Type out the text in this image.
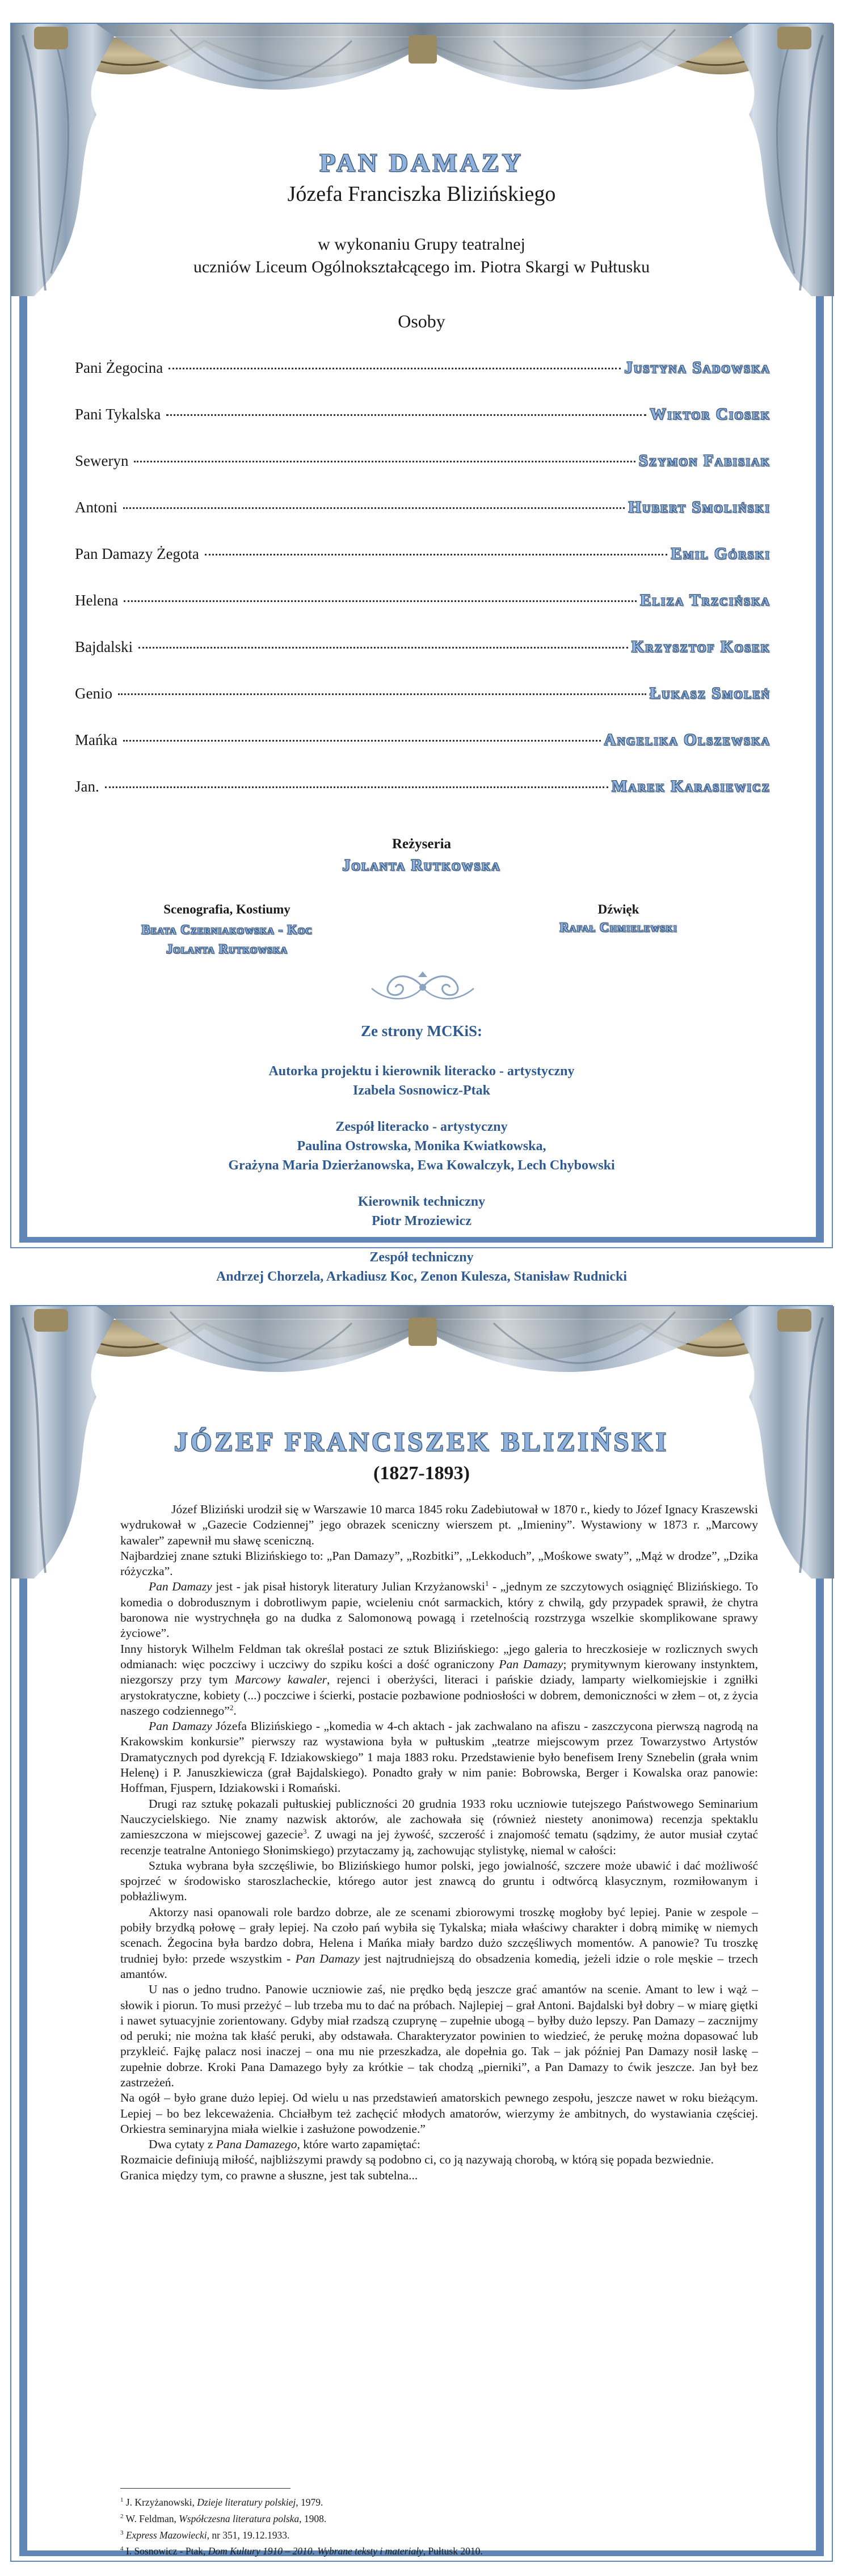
PAN DAMAZY
Józefa Franciszka Blizińskiego
w wykonaniu Grupy teatralnej
uczniów Liceum Ogólnokształcącego im. Piotra Skargi w Pułtusku
Osoby
Pani Żegocina	Justyna Sadowska
Pani Tykalska	Wiktor Ciosek
Seweryn	Szymon Fabisiak
Antoni	Hubert Smoliński
Pan Damazy Żegota	Emil Górski
Helena	Eliza Trzcińska
Bajdalski	Krzysztof Kosek
Genio	Łukasz Smoleń
Mańka	Angelika Olszewska
Jan.	Marek Karasiewicz
Reżyseria
Jolanta Rutkowska
Scenografia, Kostiumy
Beata Czerniakowska - Koc
Jolanta Rutkowska
Dźwięk
Rafał Chmielewski
Ze strony MCKiS:
Autorka projektu i kierownik literacko - artystyczny
Izabela Sosnowicz-Ptak
Zespół literacko - artystyczny
Paulina Ostrowska, Monika Kwiatkowska,
Grażyna Maria Dzierżanowska, Ewa Kowalczyk, Lech Chybowski
Kierownik techniczny
Piotr Mroziewicz
Zespół techniczny
Andrzej Chorzela, Arkadiusz Koc, Zenon Kulesza, Stanisław Rudnicki
JÓZEF FRANCISZEK BLIZIŃSKI
(1827-1893)

Józef Bliziński urodził się w Warszawie 10 marca 1845 roku Zadebiutował w 1870 r., kiedy to Józef Ignacy Kraszewski wydrukował w „Gazecie Codziennej” jego obrazek sceniczny wierszem pt. „Imieniny”. Wystawiony w 1873 r. „Marcowy kawaler” zapewnił mu sławę sceniczną.

Najbardziej znane sztuki Blizińskiego to: „Pan Damazy”, „Rozbitki”, „Lekkoduch”, „Mośkowe swaty”, „Mąż w drodze”, „Dzika różyczka”.

Pan Damazy jest - jak pisał historyk literatury Julian Krzyżanowski$^1$ - „jednym ze szczytowych osiągnięć Blizińskiego. To komedia o dobrodusznym i dobrotliwym papie, wcieleniu cnót sarmackich, który z chwilą, gdy przypadek sprawił, że chytra baronowa nie wystrychnęła go na dudka z Salomonową powagą i rzetelnością rozstrzyga wszelkie skomplikowane sprawy życiowe”.

Inny historyk Wilhelm Feldman tak określał postaci ze sztuk Blizińskiego: „jego galeria to hreczkosieje w rozlicznych swych odmianach: więc poczciwy i uczciwy do szpiku kości a dość ograniczony Pan Damazy; prymitywnym kierowany instynktem, niezgorszy przy tym Marcowy kawaler, rejenci i oberżyści, literaci i pańskie dziady, lamparty wielkomiejskie i zgniłki arystokratyczne, kobiety (...) poczciwe i ścierki, postacie pozbawione podniosłości w dobrem, demoniczności w złem – ot, z życia naszego codziennego”$^2$.

Pan Damazy Józefa Blizińskiego - „komedia w 4-ch aktach - jak zachwalano na afiszu - zaszczycona pierwszą nagrodą na Krakowskim konkursie” pierwszy raz wystawiona była w pułtuskim „teatrze miejscowym przez Towarzystwo Artystów Dramatycznych pod dyrekcją F. Idziakowskiego” 1 maja 1883 roku. Przedstawienie było benefisem Ireny Sznebelin (grała wnim Helenę) i P. Januszkiewicza (grał Bajdalskiego). Ponadto grały w nim panie: Bobrowska, Berger i Kowalska oraz panowie: Hoffman, Fjuspern, Idziakowski i Romański.

Drugi raz sztukę pokazali pułtuskiej publiczności 20 grudnia 1933 roku uczniowie tutejszego Państwowego Seminarium Nauczycielskiego. Nie znamy nazwisk aktorów, ale zachowała się (również niestety anonimowa) recenzja spektaklu zamieszczona w miejscowej gazecie$^3$. Z uwagi na jej żywość, szczerość i znajomość tematu (sądzimy, że autor musiał czytać recenzje teatralne Antoniego Słonimskiego) przytaczamy ją, zachowując stylistykę, niemal w całości:

Sztuka wybrana była szczęśliwie, bo Blizińskiego humor polski, jego jowialność, szczere może ubawić i dać możliwość spojrzeć w środowisko staroszlacheckie, którego autor jest znawcą do gruntu i odtwórcą klasycznym, rozmiłowanym i pobłażliwym.

Aktorzy nasi opanowali role bardzo dobrze, ale ze scenami zbiorowymi troszkę mogłoby być lepiej. Panie w zespole – pobiły brzydką połowę – grały lepiej. Na czoło pań wybiła się Tykalska; miała właściwy charakter i dobrą mimikę w niemych scenach. Żegocina była bardzo dobra, Helena i Mańka miały bardzo dużo szczęśliwych momentów. A panowie? Tu troszkę trudniej było: przede wszystkim - Pan Damazy jest najtrudniejszą do obsadzenia komedią, jeżeli idzie o role męskie – trzech amantów.

U nas o jedno trudno. Panowie uczniowie zaś, nie prędko będą jeszcze grać amantów na scenie. Amant to lew i wąż – słowik i piorun. To musi przeżyć – lub trzeba mu to dać na próbach. Najlepiej – grał Antoni. Bajdalski był dobry – w miarę giętki i nawet sytuacyjnie zorientowany. Gdyby miał rzadszą czuprynę – zupełnie ubogą – byłby dużo lepszy. Pan Damazy – zacznijmy od peruki; nie można tak kłaść peruki, aby odstawała. Charakteryzator powinien to wiedzieć, że perukę można dopasować lub przykleić. Fajkę palacz nosi inaczej – ona mu nie przeszkadza, ale dopełnia go. Tak – jak później Pan Damazy nosił laskę – zupełnie dobrze. Kroki Pana Damazego były za krótkie – tak chodzą „pierniki”, a Pan Damazy to ćwik jeszcze. Jan był bez zastrzeżeń.

Na ogół – było grane dużo lepiej. Od wielu u nas przedstawień amatorskich pewnego zespołu, jeszcze nawet w roku bieżącym. Lepiej – bo bez lekceważenia. Chciałbym też zachęcić młodych amatorów, wierzymy że ambitnych, do wystawiania częściej. Orkiestra seminaryjna miała wielkie i zasłużone powodzenie.”

Dwa cytaty z Pana Damazego, które warto zapamiętać:

Rozmaicie definiują miłość, najbliższymi prawdy są podobno ci, co ją nazywają chorobą, w którą się popada bezwiednie.

Granica między tym, co prawne a słuszne, jest tak subtelna...

$^1$ J. Krzyżanowski, Dzieje literatury polskiej, 1979.
$^2$ W. Feldman, Współczesna literatura polska, 1908.
$^3$ Express Mazowiecki, nr 351, 19.12.1933.
$^4$ I. Sosnowicz - Ptak, Dom Kultury 1910 – 2010. Wybrane teksty i materiały, Pułtusk 2010.
